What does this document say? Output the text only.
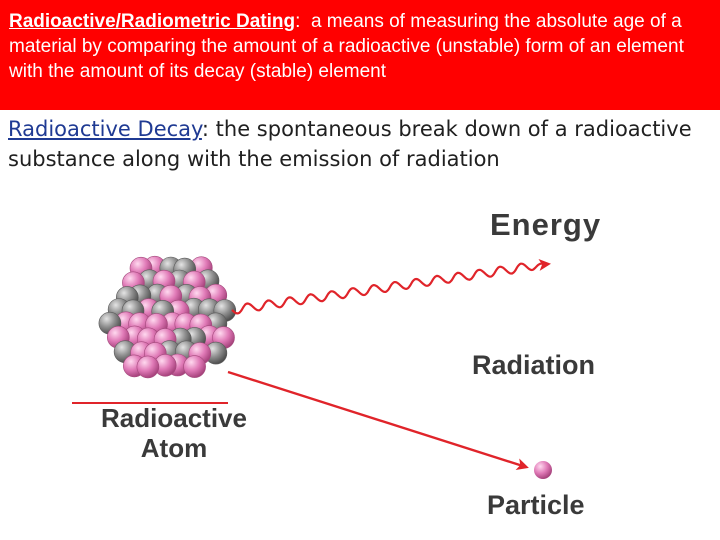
Radioactive/Radiometric Dating:  a means of measuring the absolute age of a material by comparing the amount of a radioactive (unstable) form of an element with the amount of its decay (stable) element
Radioactive Decay: the spontaneous break down of a radioactive substance along with the emission of radiation
Energy
Radiation
Radioactive
Atom
Particle
